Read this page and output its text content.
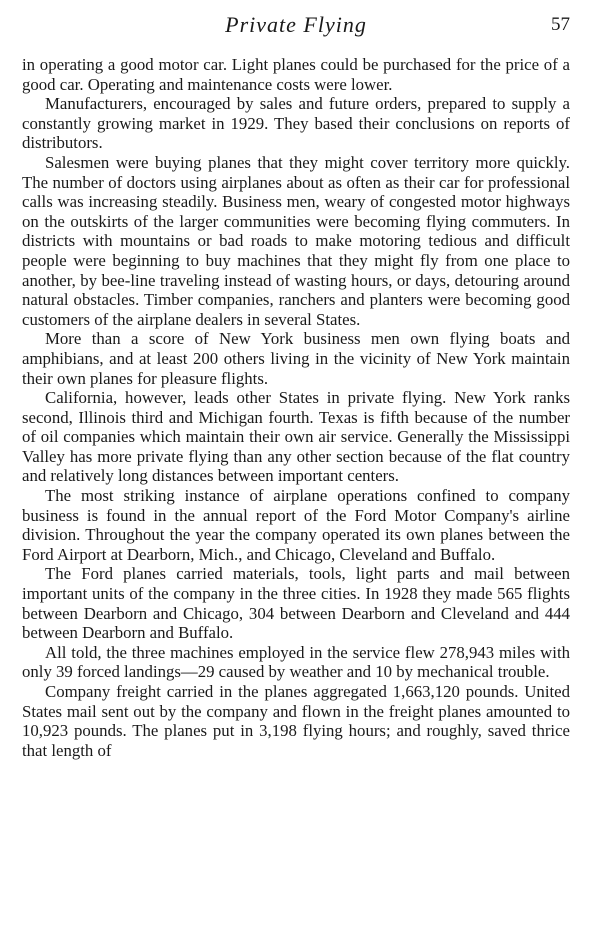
Private Flying	57

in operating a good motor car. Light planes could be purchased for the price of a good car. Operating and maintenance costs were lower.

Manufacturers, encouraged by sales and future orders, prepared to supply a constantly growing market in 1929. They based their conclusions on reports of distributors.

Salesmen were buying planes that they might cover territory more quickly. The number of doctors using airplanes about as often as their car for professional calls was increasing steadily. Business men, weary of congested motor highways on the outskirts of the larger communities were becoming flying commuters. In districts with mountains or bad roads to make motoring tedious and difficult people were beginning to buy machines that they might fly from one place to another, by bee-line traveling instead of wasting hours, or days, detouring around natural obstacles. Timber companies, ranchers and planters were becoming good customers of the airplane dealers in several States.

More than a score of New York business men own flying boats and amphibians, and at least 200 others living in the vicinity of New York maintain their own planes for pleasure flights.

California, however, leads other States in private flying. New York ranks second, Illinois third and Michigan fourth. Texas is fifth because of the number of oil companies which maintain their own air service. Generally the Mississippi Valley has more private flying than any other section because of the flat country and relatively long distances between important centers.

The most striking instance of airplane operations confined to company business is found in the annual report of the Ford Motor Company's airline division. Throughout the year the company operated its own planes between the Ford Airport at Dearborn, Mich., and Chicago, Cleveland and Buffalo.

The Ford planes carried materials, tools, light parts and mail between important units of the company in the three cities. In 1928 they made 565 flights between Dearborn and Chicago, 304 between Dearborn and Cleveland and 444 between Dearborn and Buffalo.

All told, the three machines employed in the service flew 278,943 miles with only 39 forced landings—29 caused by weather and 10 by mechanical trouble.

Company freight carried in the planes aggregated 1,663,120 pounds. United States mail sent out by the company and flown in the freight planes amounted to 10,923 pounds. The planes put in 3,198 flying hours; and roughly, saved thrice that length of
